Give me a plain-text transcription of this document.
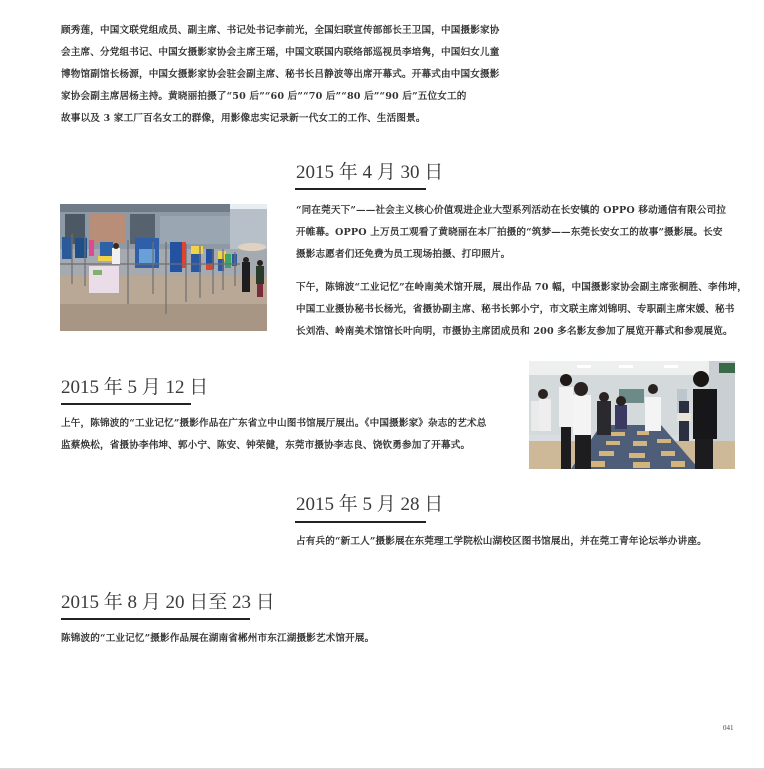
顾秀莲，中国文联党组成员、副主席、书记处书记李前光，全国妇联宣传部部长王卫国，中国摄影家协
会主席、分党组书记、中国女摄影家协会主席王瑶，中国文联国内联络部巡视员李培隽，中国妇女儿童
博物馆副馆长杨源，中国女摄影家协会驻会副主席、秘书长吕静波等出席开幕式。开幕式由中国女摄影
家协会副主席居杨主持。黄晓丽拍摄了“50 后”“60 后”“70 后”“80 后”“90 后”五位女工的
故事以及 3 家工厂百名女工的群像，用影像忠实记录新一代女工的工作、生活图景。
2015 年 4 月 30 日
“同在莞天下”——社会主义核心价值观进企业大型系列活动在长安镇的 OPPO 移动通信有限公司拉
开帷幕。OPPO 上万员工观看了黄晓丽在本厂拍摄的“筑梦——东莞长安女工的故事”摄影展。长安
摄影志愿者们还免费为员工现场拍摄、打印照片。
下午，陈锦波“工业记忆”在岭南美术馆开展，展出作品 70 幅，中国摄影家协会副主席张桐胜、李伟坤，
中国工业摄协秘书长杨光，省摄协副主席、秘书长郭小宁，市文联主席刘锦明、专职副主席宋媛、秘书
长刘浩、岭南美术馆馆长叶向明，市摄协主席团成员和 200 多名影友参加了展览开幕式和参观展览。
2015 年 5 月 12 日
上午，陈锦波的“工业记忆”摄影作品在广东省立中山图书馆展厅展出。《中国摄影家》杂志的艺术总
监蔡焕松，省摄协李伟坤、郭小宁、陈安、钟荣健，东莞市摄协李志良、饶钦勇参加了开幕式。
2015 年 5 月 28 日
占有兵的“新工人”摄影展在东莞理工学院松山湖校区图书馆展出，并在莞工青年论坛举办讲座。
2015 年 8 月 20 日至 23 日
陈锦波的“工业记忆”摄影作品展在湖南省郴州市东江湖摄影艺术馆开展。
041
